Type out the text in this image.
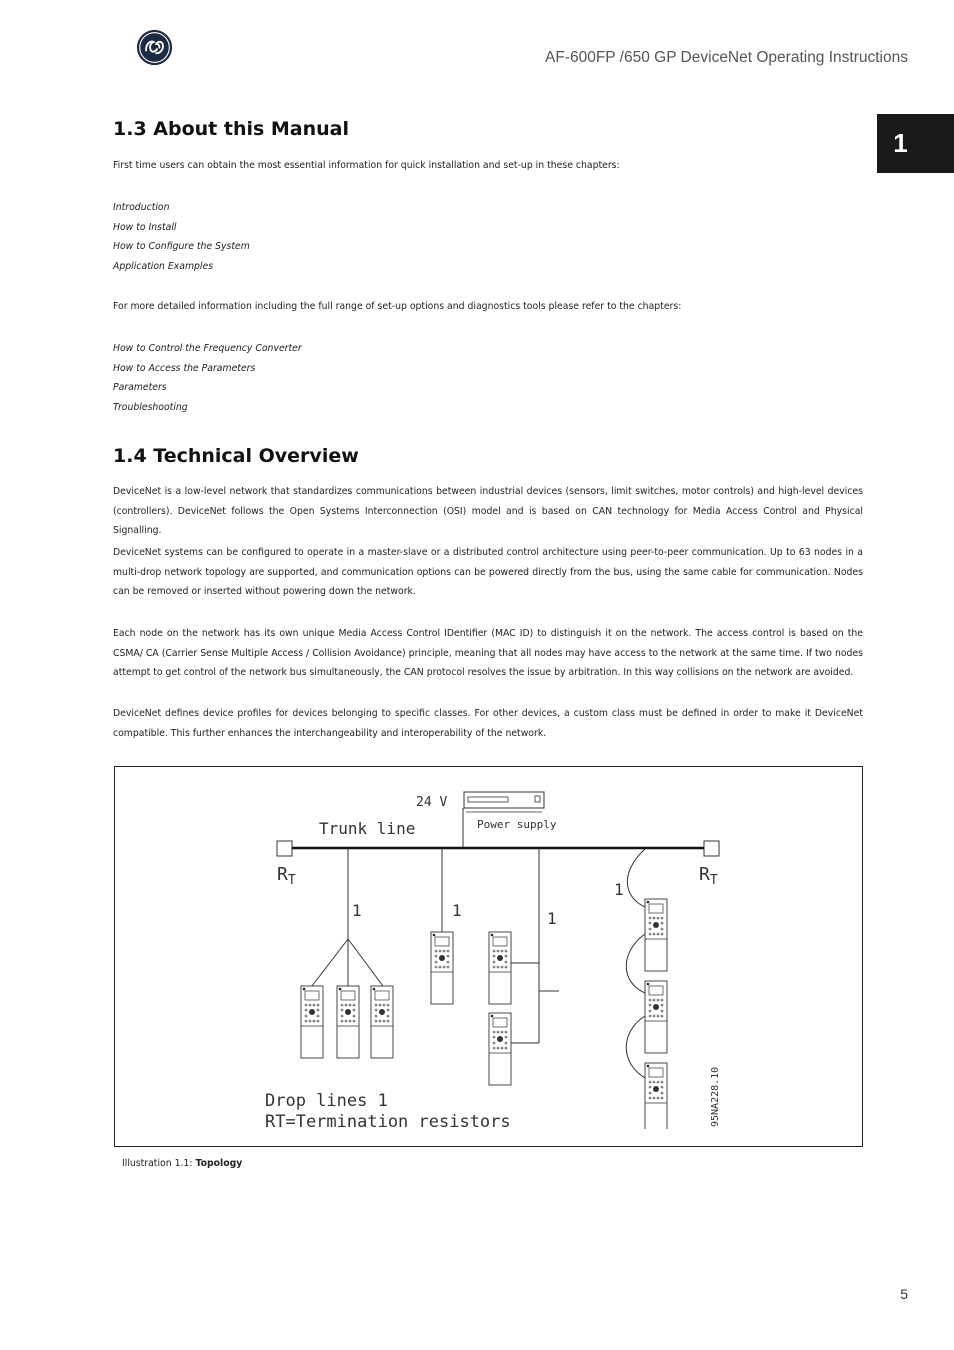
AF-600FP /650 GP DeviceNet Operating Instructions
1
1.3 About this Manual

First time users can obtain the most essential information for quick installation and set-up in these chapters:

Introduction
How to Install
How to Configure the System
Application Examples

For more detailed information including the full range of set-up options and diagnostics tools please refer to the chapters:

How to Control the Frequency Converter
How to Access the Parameters
Parameters
Troubleshooting
1.4 Technical Overview

DeviceNet is a low-level network that standardizes communications between industrial devices (sensors, limit switches, motor controls) and high-level devices (controllers). DeviceNet follows the Open Systems Interconnection (OSI) model and is based on CAN technology for Media Access Control and Physical Signalling.

DeviceNet systems can be configured to operate in a master-slave or a distributed control architecture using peer-to-peer communication. Up to 63 nodes in a multi-drop network topology are supported, and communication options can be powered directly from the bus, using the same cable for communication. Nodes can be removed or inserted without powering down the network.

Each node on the network has its own unique Media Access Control IDentifier (MAC ID) to distinguish it on the network. The access control is based on the CSMA/ CA (Carrier Sense Multiple Access / Collision Avoidance) principle, meaning that all nodes may have access to the network at the same time. If two nodes attempt to get control of the network bus simultaneously, the CAN protocol resolves the issue by arbitration. In this way collisions on the network are avoided.

DeviceNet defines device profiles for devices belonging to specific classes. For other devices, a custom class must be defined in order to make it DeviceNet compatible. This further enhances the interchangeability and interoperability of the network.

24 V
Power supply
Trunk line
$R_T$	$R_T$
1	1	1
1
Drop lines 1
RT=Termination resistors	95NA228.10
Illustration 1.1: Topology
5
